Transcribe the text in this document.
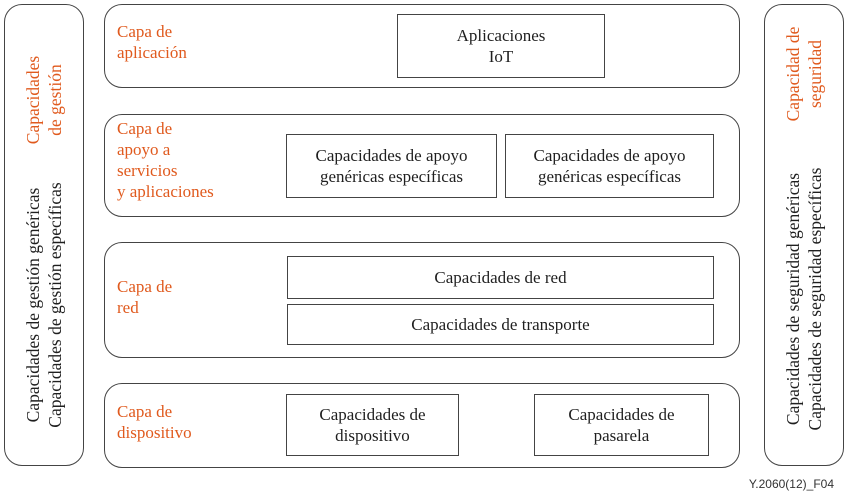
Capacidades de gestión
Capacidades de gestión genéricas Capacidades de gestión específicas
Capa de
aplicación
Aplicaciones
IoT
Capa de
apoyo a
servicios
y aplicaciones
Capacidades de apoyo
genéricas específicas
Capacidades de apoyo
genéricas específicas
Capa de
red
Capacidades de red
Capacidades de transporte
Capa de
dispositivo
Capacidades de
dispositivo
Capacidades de
pasarela
Capacidad de seguridad
Capacidades de seguridad genéricas Capacidades de seguridad específicas
Y.2060(12)_F04
